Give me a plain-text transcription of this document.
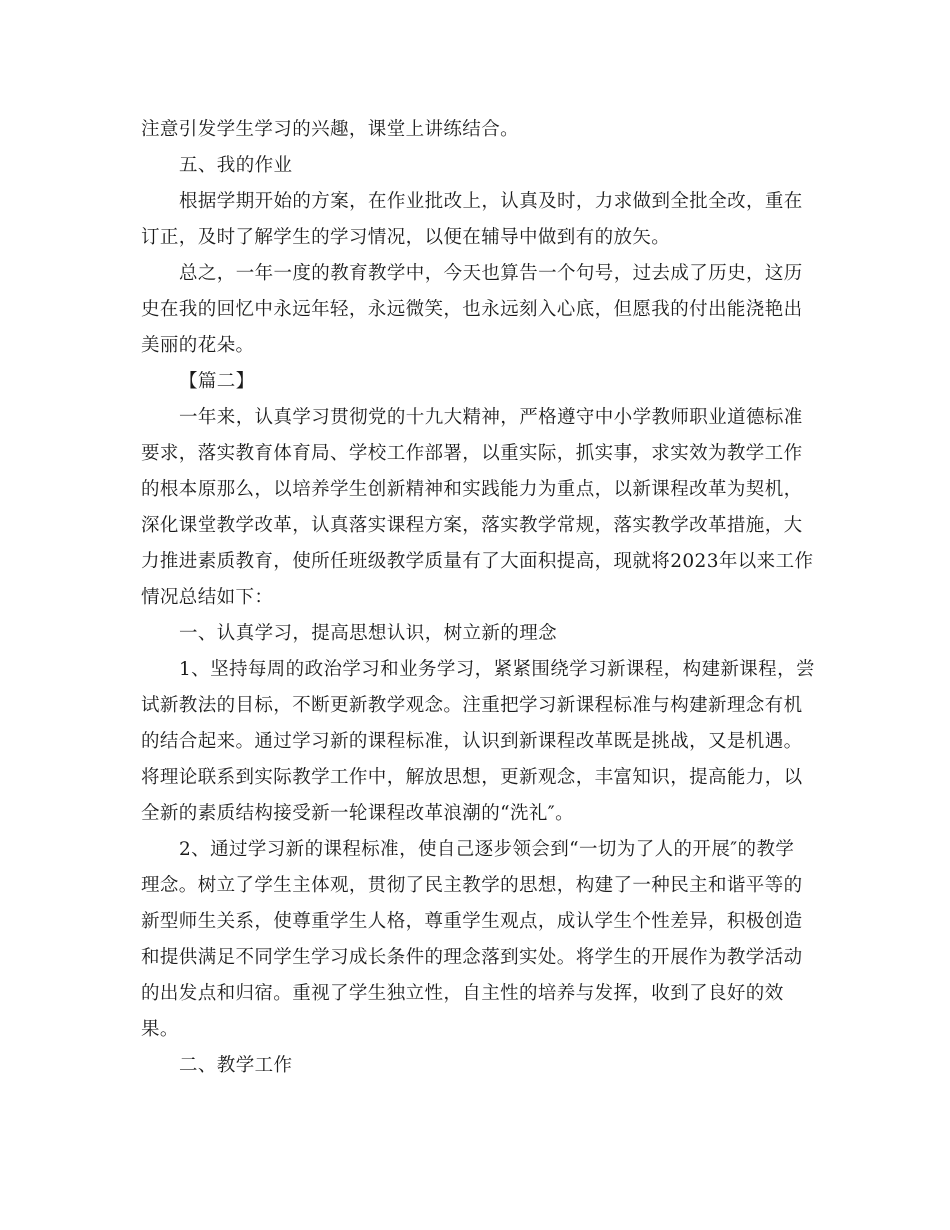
注意引发学生学习的兴趣，课堂上讲练结合。
五、我的作业
根据学期开始的方案，在作业批改上，认真及时，力求做到全批全改，重在
订正，及时了解学生的学习情况，以便在辅导中做到有的放矢。
总之，一年一度的教育教学中，今天也算告一个句号，过去成了历史，这历
史在我的回忆中永远年轻，永远微笑，也永远刻入心底，但愿我的付出能浇艳出
美丽的花朵。
【篇二】
一年来，认真学习贯彻党的十九大精神，严格遵守中小学教师职业道德标准
要求，落实教育体育局、学校工作部署，以重实际，抓实事，求实效为教学工作
的根本原那么，以培养学生创新精神和实践能力为重点，以新课程改革为契机，
深化课堂教学改革，认真落实课程方案，落实教学常规，落实教学改革措施，大
力推进素质教育，使所任班级教学质量有了大面积提高，现就将2023年以来工作
情况总结如下：
一、认真学习，提高思想认识，树立新的理念
1、坚持每周的政治学习和业务学习，紧紧围绕学习新课程，构建新课程，尝
试新教法的目标，不断更新教学观念。注重把学习新课程标准与构建新理念有机
的结合起来。通过学习新的课程标准，认识到新课程改革既是挑战，又是机遇。
将理论联系到实际教学工作中，解放思想，更新观念，丰富知识，提高能力，以
全新的素质结构接受新一轮课程改革浪潮的“洗礼″。
2、通过学习新的课程标准，使自己逐步领会到“一切为了人的开展″的教学
理念。树立了学生主体观，贯彻了民主教学的思想，构建了一种民主和谐平等的
新型师生关系，使尊重学生人格，尊重学生观点，成认学生个性差异，积极创造
和提供满足不同学生学习成长条件的理念落到实处。将学生的开展作为教学活动
的出发点和归宿。重视了学生独立性，自主性的培养与发挥，收到了良好的效
果。
二、教学工作
